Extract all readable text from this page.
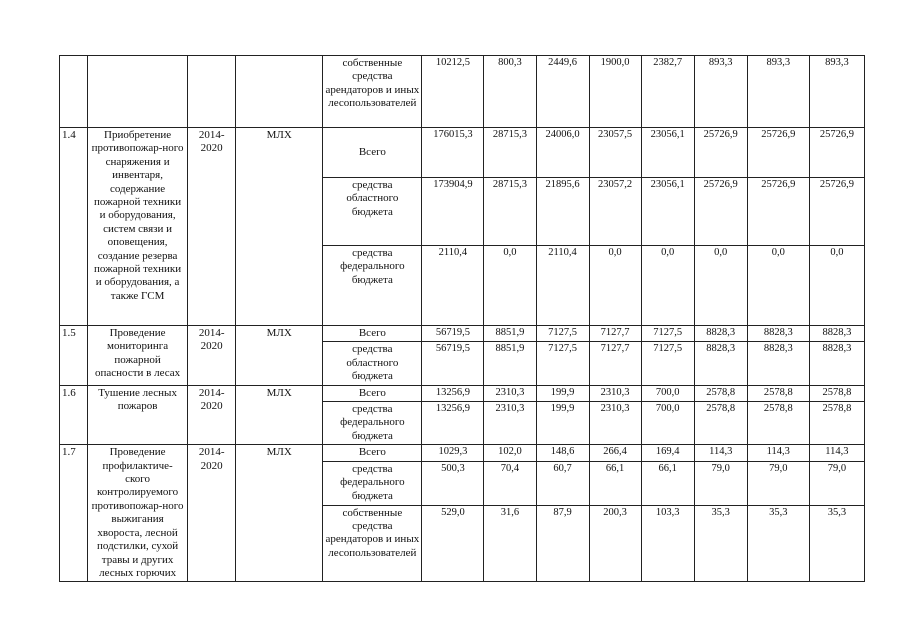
				собственные средства арендаторов и иных лесопользователей	10212,5	800,3	2449,6	1900,0	2382,7	893,3	893,3	893,3
1.4	Приобретение противопожар-ного снаряжения и инвентаря, содержание пожарной техники и оборудования, систем связи и оповещения, создание резерва пожарной техники и оборудования, а также ГСМ	2014-2020	МЛХ	Всего	176015,3	28715,3	24006,0	23057,5	23056,1	25726,9	25726,9	25726,9
				средства областного бюджета	173904,9	28715,3	21895,6	23057,2	23056,1	25726,9	25726,9	25726,9
				средства федерального бюджета	2110,4	0,0	2110,4	0,0	0,0	0,0	0,0	0,0
1.5	Проведение мониторинга пожарной опасности в лесах	2014-2020	МЛХ	Всего	56719,5	8851,9	7127,5	7127,7	7127,5	8828,3	8828,3	8828,3
				средства областного бюджета	56719,5	8851,9	7127,5	7127,7	7127,5	8828,3	8828,3	8828,3
1.6	Тушение лесных пожаров	2014-2020	МЛХ	Всего	13256,9	2310,3	199,9	2310,3	700,0	2578,8	2578,8	2578,8
				средства федерального бюджета	13256,9	2310,3	199,9	2310,3	700,0	2578,8	2578,8	2578,8
1.7	Проведение профилактиче-ского контролируемого противопожар-ного выжигания хвороста, лесной подстилки, сухой травы и других лесных горючих	2014-2020	МЛХ	Всего	1029,3	102,0	148,6	266,4	169,4	114,3	114,3	114,3
				средства федерального бюджета	500,3	70,4	60,7	66,1	66,1	79,0	79,0	79,0
				собственные средства арендаторов и иных лесопользователей	529,0	31,6	87,9	200,3	103,3	35,3	35,3	35,3
